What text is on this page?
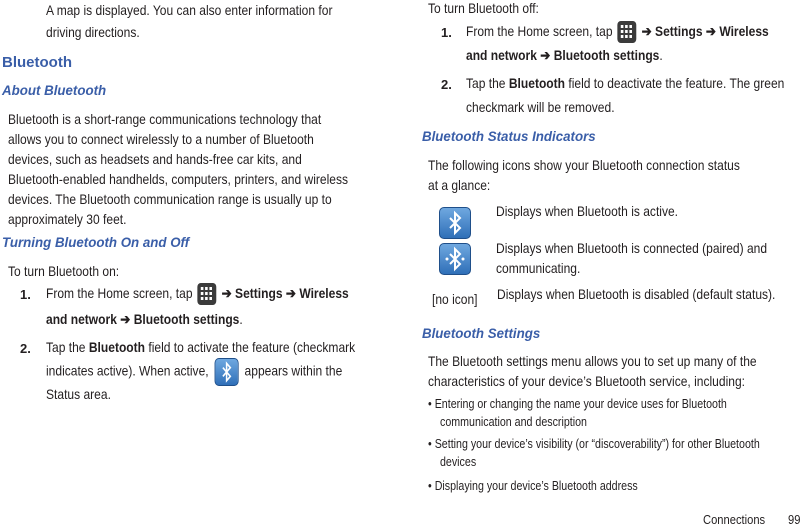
A map is displayed. You can also enter information for
driving directions.
Bluetooth
About Bluetooth
Bluetooth is a short-range communications technology that
allows you to connect wirelessly to a number of Bluetooth
devices, such as headsets and hands-free car kits, and
Bluetooth-enabled handhelds, computers, printers, and wireless
devices. The Bluetooth communication range is usually up to
approximately 30 feet.
Turning Bluetooth On and Off
To turn Bluetooth on:
1. From the Home screen, tap ➔ Settings ➔ Wireless
and network ➔ Bluetooth settings.
2. Tap the Bluetooth field to activate the feature (checkmark
indicates active). When active,	appears within the
Status area.
To turn Bluetooth off:
1. From the Home screen, tap ➔ Settings ➔ Wireless
and network ➔ Bluetooth settings.
2. Tap the Bluetooth field to deactivate the feature. The green
checkmark will be removed.
Bluetooth Status Indicators
The following icons show your Bluetooth connection status
at a glance:
Displays when Bluetooth is active.
Displays when Bluetooth is connected (paired) and
communicating.
[no icon]	Displays when Bluetooth is disabled (default status).
Bluetooth Settings
The Bluetooth settings menu allows you to set up many of the
characteristics of your device’s Bluetooth service, including:
• Entering or changing the name your device uses for Bluetooth
communication and description
• Setting your device’s visibility (or “discoverability”) for other Bluetooth
devices
• Displaying your device’s Bluetooth address
Connections	99
